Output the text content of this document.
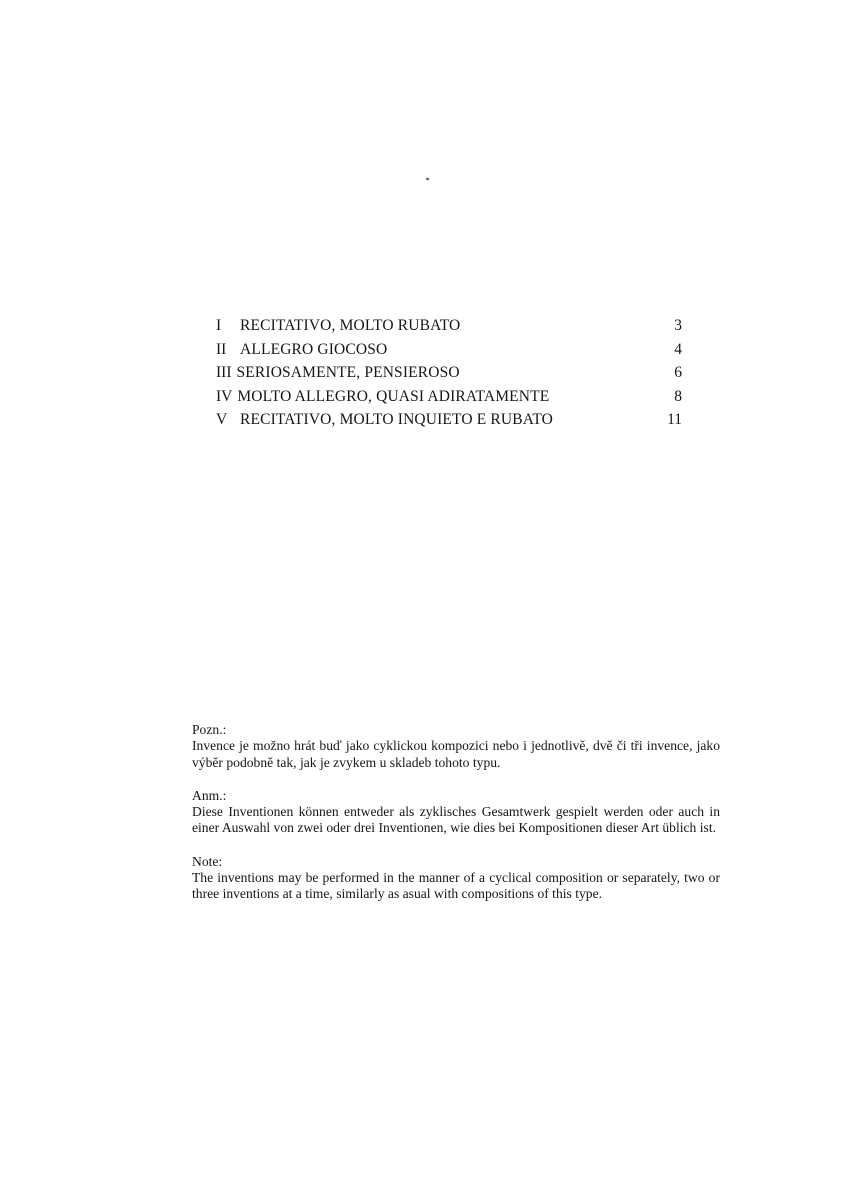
I RECITATIVO, MOLTO RUBATO	3
II ALLEGRO GIOCOSO	4
III SERIOSAMENTE, PENSIEROSO	6
IV MOLTO ALLEGRO, QUASI ADIRATAMENTE	8
V RECITATIVO, MOLTO INQUIETO E RUBATO	11

Pozn.:

Invence je možno hrát buď jako cyklickou kompozici nebo i jednotlivě, dvě či tři invence, jako výběr podobně tak, jak je zvykem u skladeb tohoto typu.

Anm.:

Diese Inventionen können entweder als zyklisches Gesamtwerk gespielt werden oder auch in einer Auswahl von zwei oder drei Inventionen, wie dies bei Kompositionen dieser Art üblich ist.

Note:

The inventions may be performed in the manner of a cyclical composition or separately, two or three inventions at a time, similarly as asual with compositions of this type.
